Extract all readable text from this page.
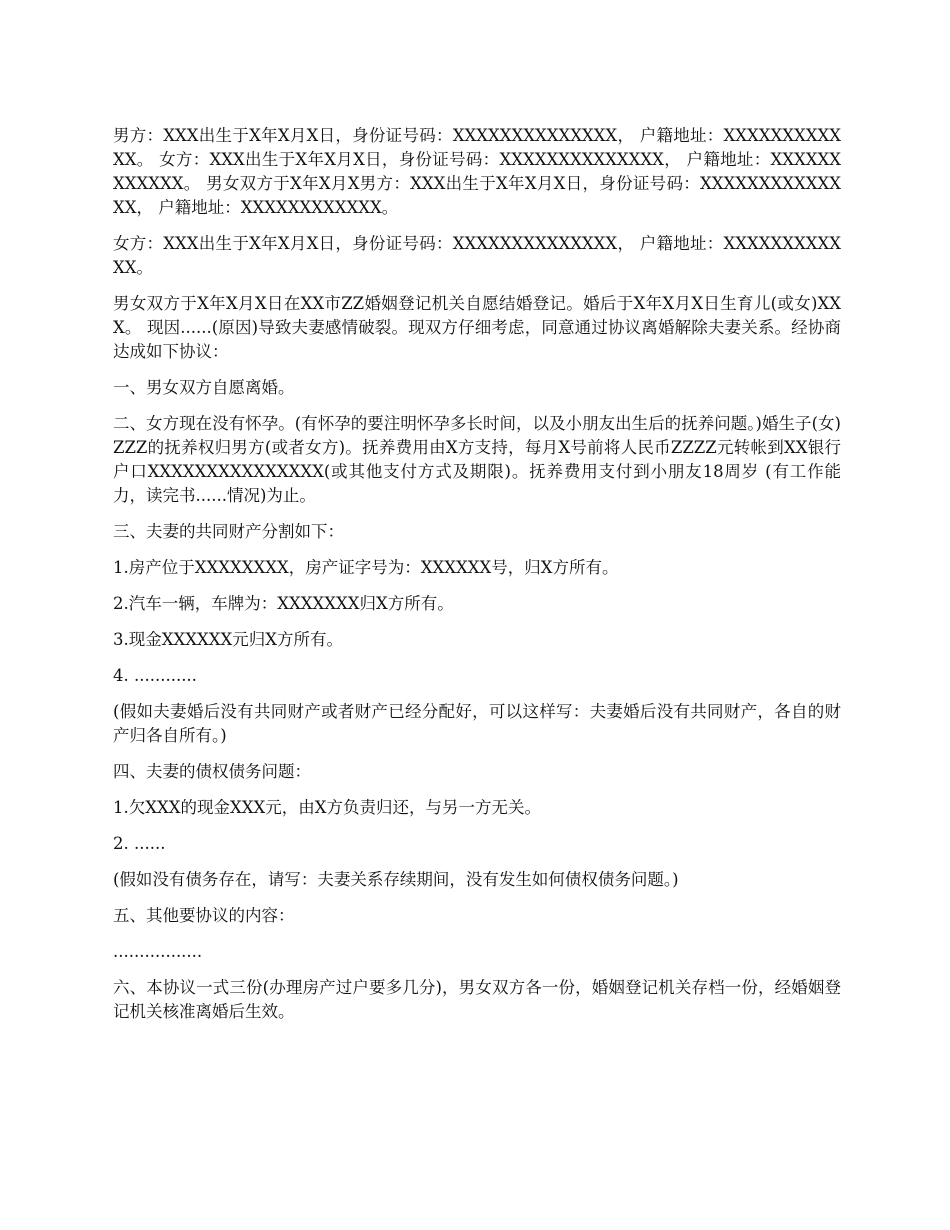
男方：XXX出生于X年X月X日，身份证号码：XXXXXXXXXXXXXX， 户籍地址：XXXXXXXXXXXX。 女方：XXX出生于X年X月X日，身份证号码：XXXXXXXXXXXXXX， 户籍地址：XXXXXXXXXXXX。 男女双方于X年X月X男方：XXX出生于X年X月X日，身份证号码：XXXXXXXXXXXXXX， 户籍地址：XXXXXXXXXXXX。

女方：XXX出生于X年X月X日，身份证号码：XXXXXXXXXXXXXX， 户籍地址：XXXXXXXXXXXX。

男女双方于X年X月X日在XX市ZZ婚姻登记机关自愿结婚登记。婚后于X年X月X日生育儿(或女)XXX。 现因......(原因)导致夫妻感情破裂。现双方仔细考虑，同意通过协议离婚解除夫妻关系。经协商达成如下协议：

一、男女双方自愿离婚。

二、女方现在没有怀孕。(有怀孕的要注明怀孕多长时间，以及小朋友出生后的抚养问题。)婚生子(女)ZZZ的抚养权归男方(或者女方)。抚养费用由X方支持，每月X号前将人民币ZZZZ元转帐到XX银行户口XXXXXXXXXXXXXXX(或其他支付方式及期限)。抚养费用支付到小朋友18周岁 (有工作能力，读完书......情况)为止。

三、夫妻的共同财产分割如下：

1.房产位于XXXXXXXX，房产证字号为：XXXXXX号，归X方所有。

2.汽车一辆，车牌为：XXXXXXX归X方所有。

3.现金XXXXXX元归X方所有。

4. ............

(假如夫妻婚后没有共同财产或者财产已经分配好，可以这样写：夫妻婚后没有共同财产，各自的财产归各自所有。)

四、夫妻的债权债务问题：

1.欠XXX的现金XXX元，由X方负责归还，与另一方无关。

2. ......

(假如没有债务存在，请写：夫妻关系存续期间，没有发生如何债权债务问题。)

五、其他要协议的内容：

.................

六、本协议一式三份(办理房产过户要多几分)，男女双方各一份，婚姻登记机关存档一份，经婚姻登记机关核准离婚后生效。
